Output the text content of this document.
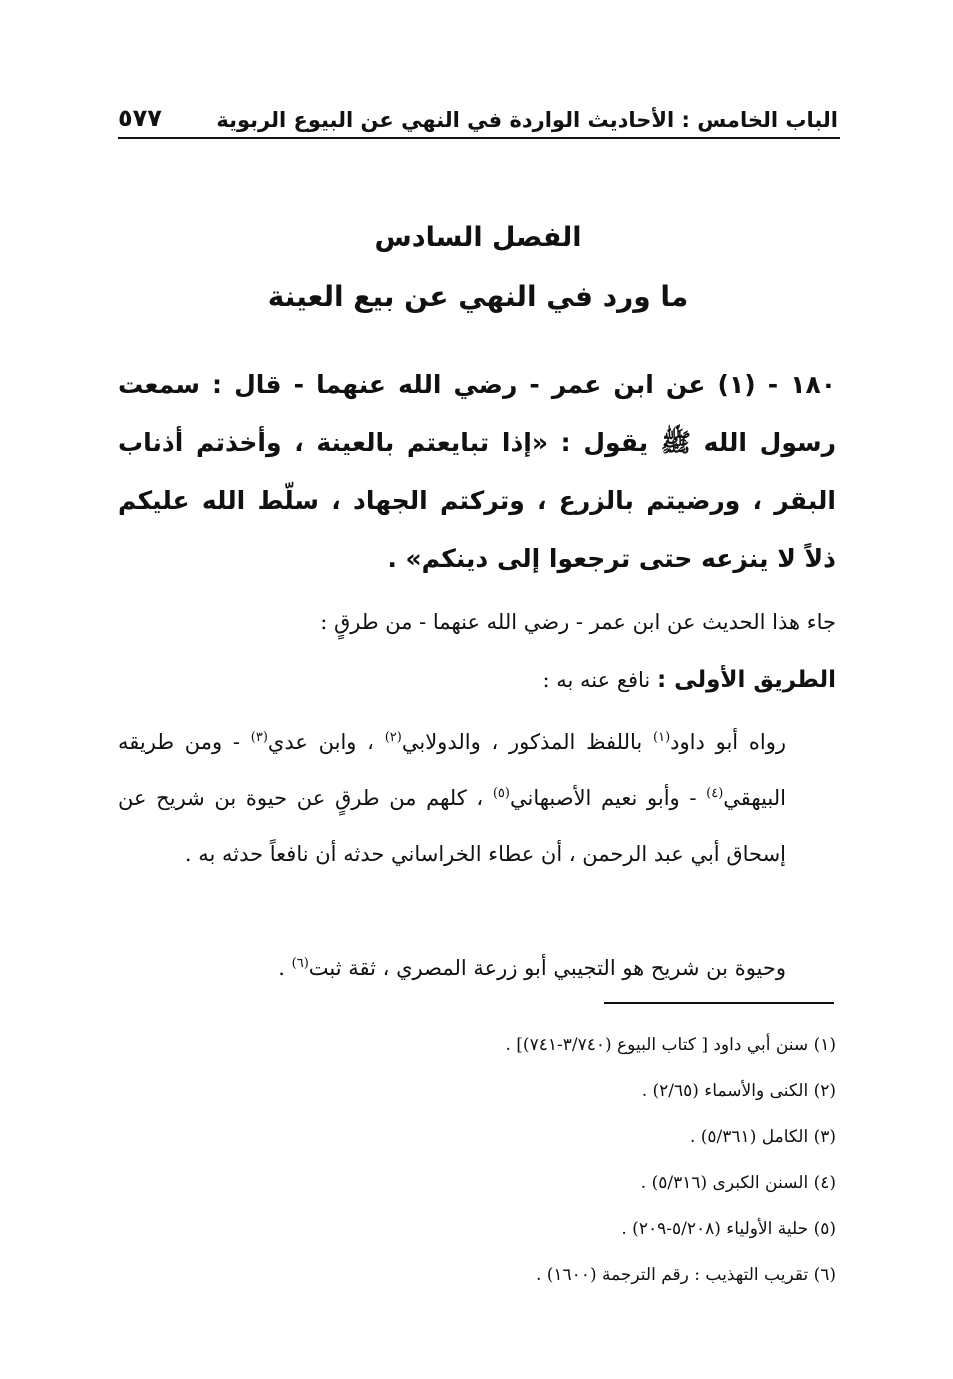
الباب الخامس : الأحاديث الواردة في النهي عن البيوع الربوية
٥٧٧
الفصل السادس
ما ورد في النهي عن بيع العينة
١٨٠ - (١) عن ابن عمر - رضي الله عنهما - قال : سمعت رسول الله ﷺ يقول : «إذا تبايعتم بالعينة ، وأخذتم أذناب البقر ، ورضيتم بالزرع ، وتركتم الجهاد ، سلّط الله عليكم ذلاً لا ينزعه حتى ترجعوا إلى دينكم» .
جاء هذا الحديث عن ابن عمر - رضي الله عنهما - من طرقٍ :
الطريق الأولى : نافع عنه به :
رواه أبو داود$^{(١)}$ باللفظ المذكور ، والدولابي$^{(٢)}$ ، وابن عدي$^{(٣)}$ - ومن طريقه البيهقي$^{(٤)}$ - وأبو نعيم الأصبهاني$^{(٥)}$ ، كلهم من طرقٍ عن حيوة بن شريح عن إسحاق أبي عبد الرحمن ، أن عطاء الخراساني حدثه أن نافعاً حدثه به .
وحيوة بن شريح هو التجيبي أبو زرعة المصري ، ثقة ثبت$^{(٦)}$ .
(١) سنن أبي داود [ كتاب البيوع (٣/٧٤٠-٧٤١)] .
(٢) الكنى والأسماء (٢/٦٥) .
(٣) الكامل (٥/٣٦١) .
(٤) السنن الكبرى (٥/٣١٦) .
(٥) حلية الأولياء (٥/٢٠٨-٢٠٩) .
(٦) تقريب التهذيب : رقم الترجمة (١٦٠٠) .
